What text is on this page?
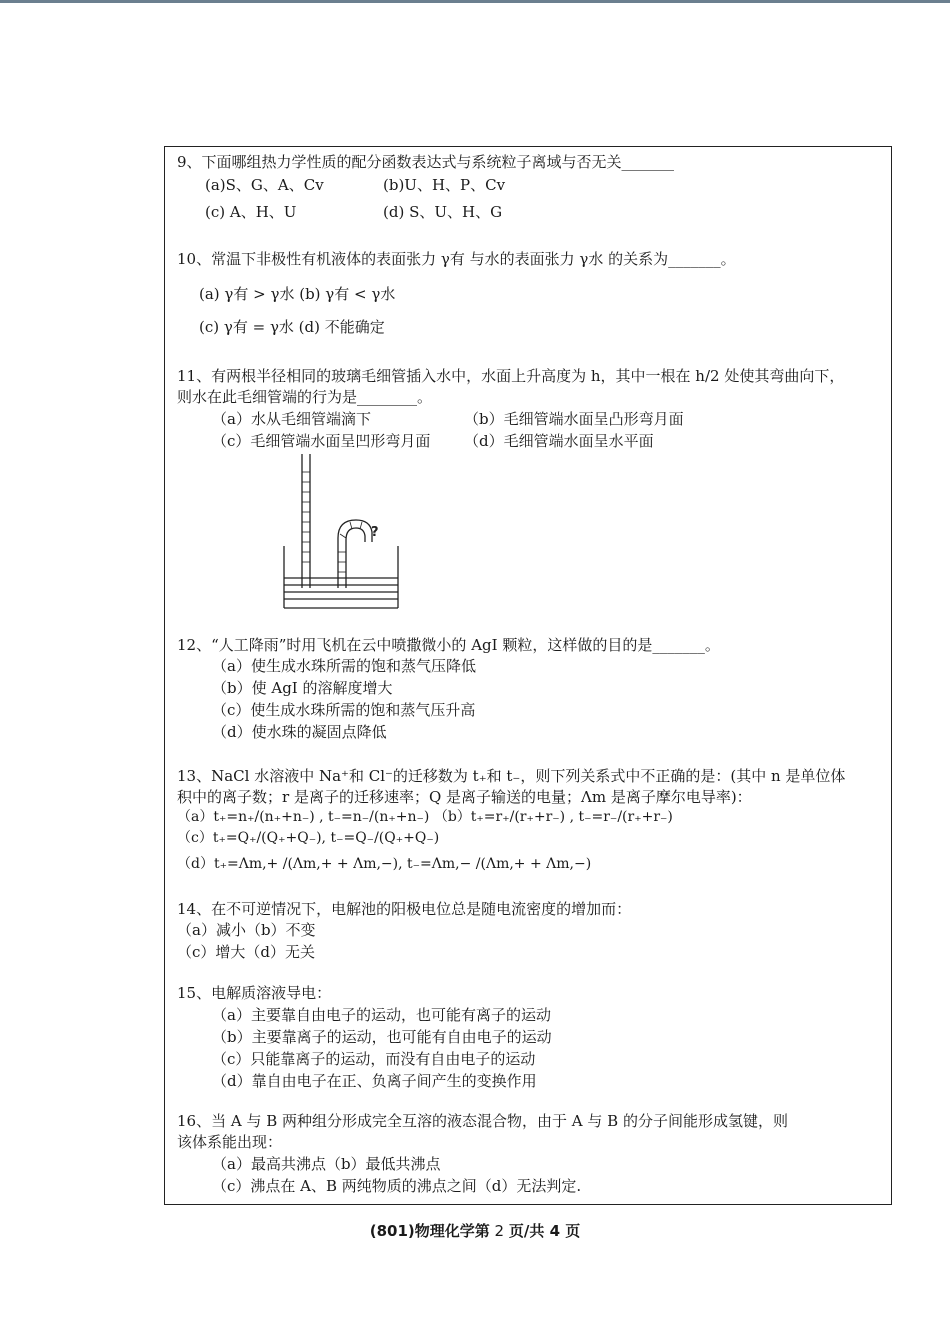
9、下面哪组热力学性质的配分函数表达式与系统粒子离域与否无关_______
(a)S、G、A、Cv	(b)U、H、P、Cv
(c) A、H、U	(d) S、U、H、G
10、常温下非极性有机液体的表面张力 γ有 与水的表面张力 γ水 的关系为_______。
(a) γ有 > γ水 (b) γ有 < γ水
(c) γ有 = γ水 (d) 不能确定
11、有两根半径相同的玻璃毛细管插入水中，水面上升高度为 h，其中一根在 h/2 处使其弯曲向下，
则水在此毛细管端的行为是________。
（a）水从毛细管端滴下	（b）毛细管端水面呈凸形弯月面
（c）毛细管端水面呈凹形弯月面 （d）毛细管端水面呈水平面
?
12、“人工降雨”时用飞机在云中喷撒微小的 AgI 颗粒，这样做的目的是_______。
（a）使生成水珠所需的饱和蒸气压降低
（b）使 AgI 的溶解度增大
（c）使生成水珠所需的饱和蒸气压升高
（d）使水珠的凝固点降低
13、NaCl 水溶液中 Na⁺和 Cl⁻的迁移数为 t₊和 t₋，则下列关系式中不正确的是：(其中 n 是单位体
积中的离子数；r 是离子的迁移速率；Q 是离子输送的电量；Λm 是离子摩尔电导率)：
（a）t₊=n₊/(n₊+n₋) , t₋=n₋/(n₊+n₋) （b）t₊=r₊/(r₊+r₋) , t₋=r₋/(r₊+r₋)
（c）t₊=Q₊/(Q₊+Q₋), t₋=Q₋/(Q₊+Q₋)
（d）t₊=Λm,+ /(Λm,+ + Λm,−), t₋=Λm,− /(Λm,+ + Λm,−)
14、在不可逆情况下，电解池的阳极电位总是随电流密度的增加而：
（a）减小（b）不变
（c）增大（d）无关
15、电解质溶液导电：
（a）主要靠自由电子的运动，也可能有离子的运动
（b）主要靠离子的运动，也可能有自由电子的运动
（c）只能靠离子的运动，而没有自由电子的运动
（d）靠自由电子在正、负离子间产生的变换作用
16、当 A 与 B 两种组分形成完全互溶的液态混合物，由于 A 与 B 的分子间能形成氢键，则
该体系能出现：
（a）最高共沸点（b）最低共沸点
（c）沸点在 A、B 两纯物质的沸点之间（d）无法判定.
(801)物理化学第 2 页/共 4 页
